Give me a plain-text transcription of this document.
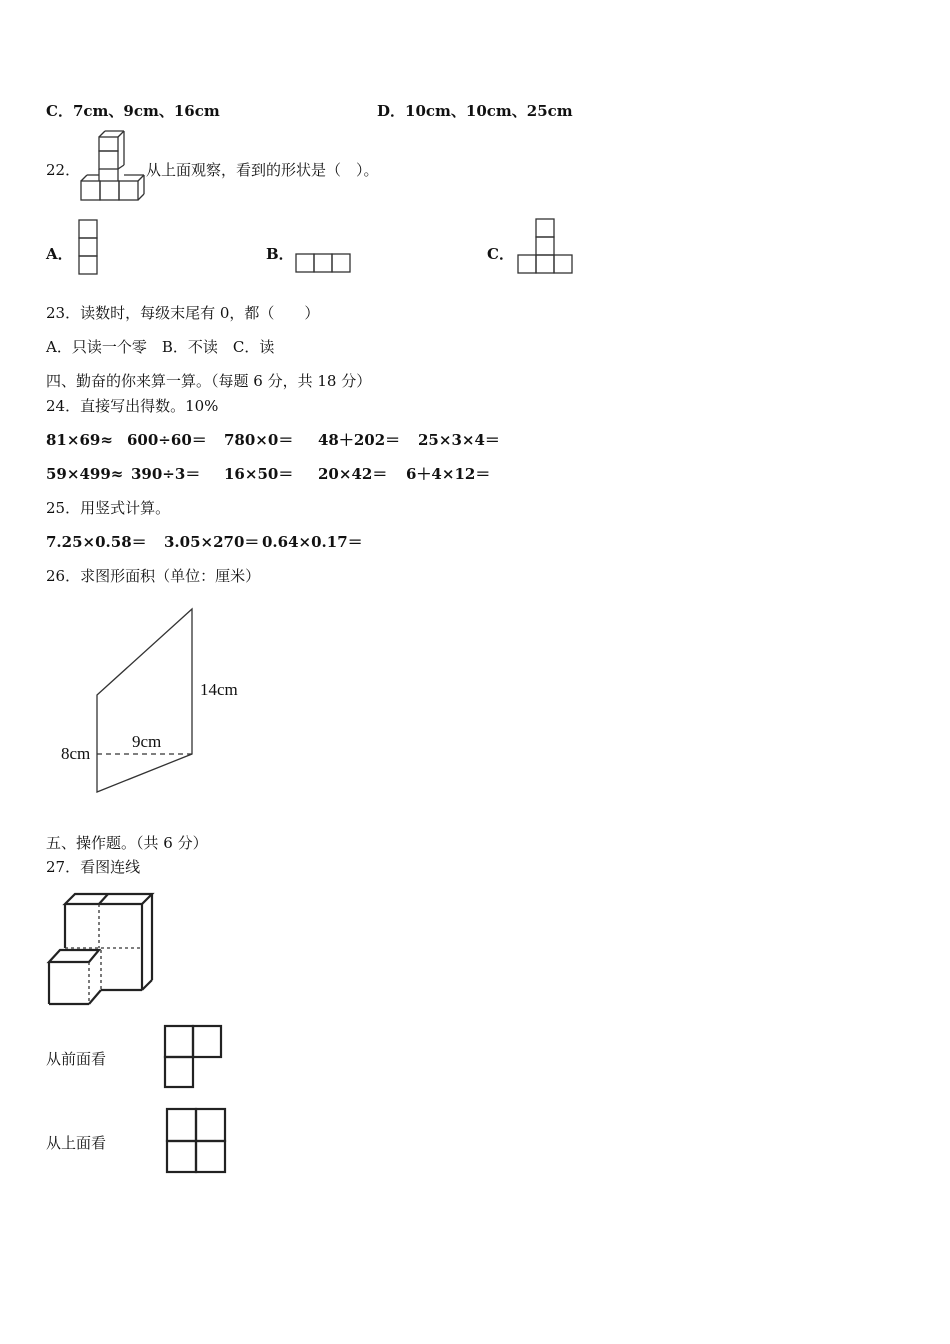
C．7cm、9cm、16cm	D．10cm、10cm、25cm
22．	从上面观察，看到的形状是（　）。
A．	B．	C．
23．读数时，每级末尾有 0，都（　　）
A．只读一个零　B．不读　C．读
四、勤奋的你来算一算。（每题 6 分，共 18 分）
24．直接写出得数。10%
81×69≈ 600÷60＝ 780×0＝ 48＋202＝ 25×3×4＝
59×499≈ 390÷3＝ 16×50＝ 20×42＝ 6＋4×12＝
25．用竖式计算。
7.25×0.58＝ 3.05×270＝ 0.64×0.17＝
26．求图形面积（单位：厘米）
14cm
9cm
8cm
五、操作题。（共 6 分）
27．看图连线
从前面看
从上面看
